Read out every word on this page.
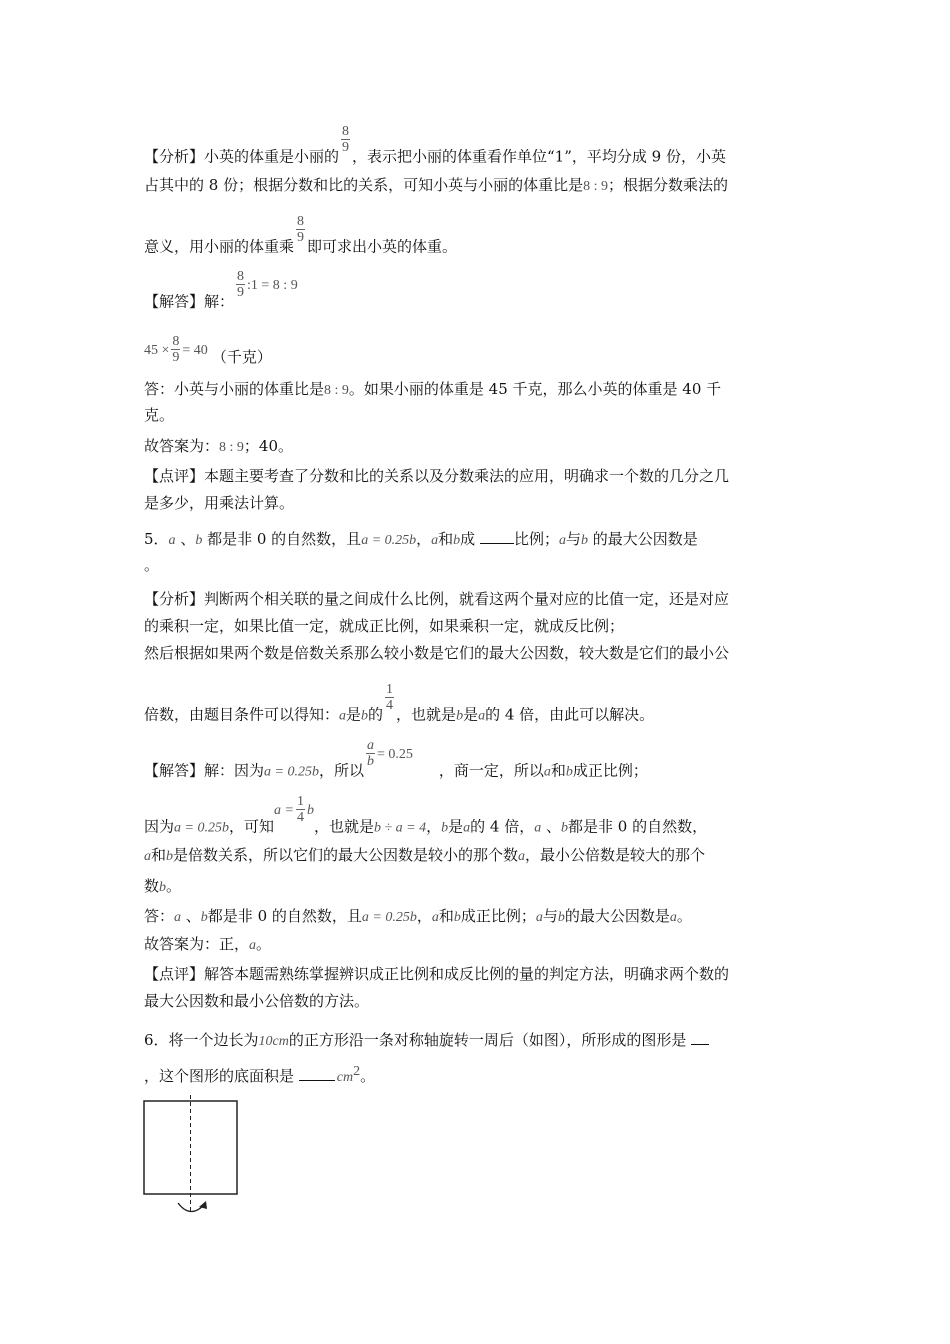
【分析】小英的体重是小丽的
$\frac{8}{9}$
，表示把小丽的体重看作单位“1”，平均分成 9 份，小英
占其中的 8 份；根据分数和比的关系，可知小英与小丽的体重比是8 : 9；根据分数乘法的
意义，用小丽的体重乘
$\frac{8}{9}$
即可求出小英的体重。
【解答】解：
$\frac{8}{9}$ :1 = 8 : 9
$45 \times \frac{8}{9} = 40$ （千克）
答：小英与小丽的体重比是8 : 9。如果小丽的体重是 45 千克，那么小英的体重是 40 千
克。
故答案为：8 : 9；40。
【点评】本题主要考查了分数和比的关系以及分数乘法的应用，明确求一个数的几分之几
是多少，用乘法计算。
5．a 、b 都是非 0 的自然数，且a = 0.25b，a和b成 比例；a与b 的最大公因数是
。
【分析】判断两个相关联的量之间成什么比例，就看这两个量对应的比值一定，还是对应
的乘积一定，如果比值一定，就成正比例，如果乘积一定，就成反比例；
然后根据如果两个数是倍数关系那么较小数是它们的最大公因数，较大数是它们的最小公
倍数，由题目条件可以得知：a是b的
$\frac{1}{4}$
，也就是b是a的 4 倍，由此可以解决。
【解答】解：因为a = 0.25b，所以
$\frac{a}{b} = 0.25$，商一定，所以a和b成正比例；
因为a = 0.25b，可知$a = \frac{1}{4}$ b，也就是b ÷ a = 4，b是a的 4 倍，a 、b都是非 0 的自然数，
a和b是倍数关系，所以它们的最大公因数是较小的那个数a，最小公倍数是较大的那个
数b。
答：a 、b都是非 0 的自然数，且a = 0.25b，a和b成正比例；a与b的最大公因数是a。
故答案为：正，a。
【点评】解答本题需熟练掌握辨识成正比例和成反比例的量的判定方法，明确求两个数的
最大公因数和最小公倍数的方法。
6．将一个边长为10cm的正方形沿一条对称轴旋转一周后（如图），所形成的图形是
，这个图形的底面积是	$cm^2$。
